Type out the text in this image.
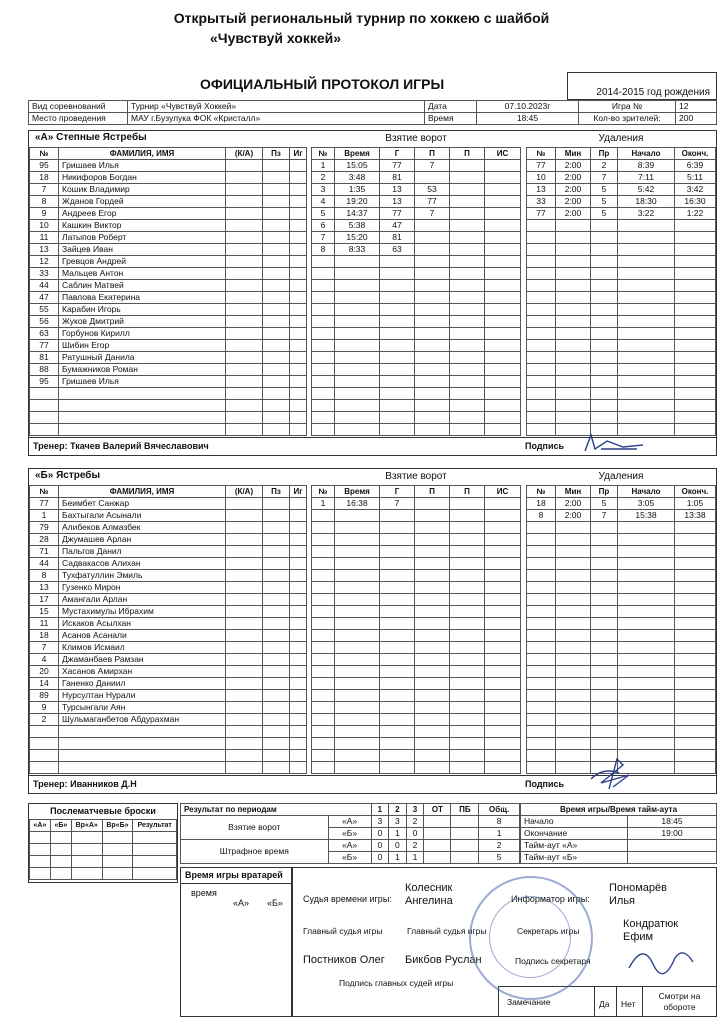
Открытый региональный турнир по хоккею с шайбой
«Чувствуй хоккей»
ОФИЦИАЛЬНЫЙ ПРОТОКОЛ ИГРЫ
2014-2015 год рождения
Вид соревнований	Турнир «Чувствуй Хоккей»	Дата	07.10.2023г	Игра №	12
Место проведения	МАУ г.Бузулука ФОК «Кристалл»	Время	18:45	Кол-во зрителей:	200
«А» Степные Ястребы	Взятие ворот	Удаления
№	ФАМИЛИЯ, ИМЯ	(К/А)	Пз	Иг
95	Гришаев Илья			
18	Никифоров Богдан			
7	Кошик Владимир			
8	Жданов Гордей			
9	Андреев Егор			
10	Кашкин Виктор			
11	Латыпов Роберт			
13	Зайцев Иван			
12	Гревцов Андрей			
33	Мальцев Антон			
44	Саблин Матвей			
47	Павлова Екатерина			
55	Карабин Игорь			
56	Жуков Дмитрий			
63	Горбунов Кирилл			
77	Шибин Егор			
81	Ратушный Данила			
88	Бумажников Роман			
95	Гришаев Илья			

№	Время	Г	П	П	ИС
1	15:05	77	7		
2	3:48	81			
3	1:35	13	53		
4	19:20	13	77		
5	14:37	77	7		
6	5:38	47			
7	15:20	81			
8	8:33	63			

№	Мин	Пр	Начало	Оконч.
77	2:00	2	8:39	6:39
10	2:00	7	7:11	5:11
13	2:00	5	5:42	3:42
33	2:00	5	18:30	16:30
77	2:00	5	3:22	1:22

Тренер: Ткачев Валерий Вячеславович	Подпись
«Б» Ястребы	Взятие ворот	Удаления
№	ФАМИЛИЯ, ИМЯ	(К/А)	Пз	Иг
77	Беимбет Санжар			
1	Бахтыгали Асынали			
79	Алибеков Алмазбек			
28	Джумашев Арлан			
71	Пальгов Данил			
44	Садвакасов Алихан			
8	Тухфатуллин Эмиль			
13	Гузенко Мирон			
17	Амангали Арлан			
15	Мустахимулы Ибрахим			
11	Искаков Асылхан			
18	Асанов Асанали			
7	Климов Исмаил			
4	Джаманбаев Рамзан			
20	Хасанов Амирхан			
14	Ганенко Даниил			
89	Нурсултан Нурали			
9	Турсынгали Аян			
2	Шульмаганбетов Абдурахман			

№	Время	Г	П	П	ИС
1	16:38	7			

№	Мин	Пр	Начало	Оконч.
18	2:00	5	3:05	1:05
8	2:00	7	15:38	13:38

Тренер: Иванников Д.Н	Подпись
Послематчевые броски
«А»	«Б»	Вр«А»	Вр«Б»	Результат

Результат по периодам		1	2	3	ОТ	ПБ	Общ.
Взятие ворот	«А»	3	3	2			8
	«Б»	0	1	0			1
Штрафное время	«А»	0	0	2			2
	«Б»	0	1	1			5
Время игры/Время тайм-аута	
Начало	18:45
Окончание	19:00
Тайм-аут «А»	
Тайм-аут «Б»	
Время игры вратарей
время
«А» «Б» Судья времени игры:
Колесник Ангелина	Информатор игры:
Пономарёв Илья
Главный судья игры	Главный судья игры	Секретарь игры
Кондратюк Ефим
Постников Олег Бикбов Руслан	Подпись секретаря
Подпись главных судей игры
Замечание	Да	Нет
Смотри на обороте
